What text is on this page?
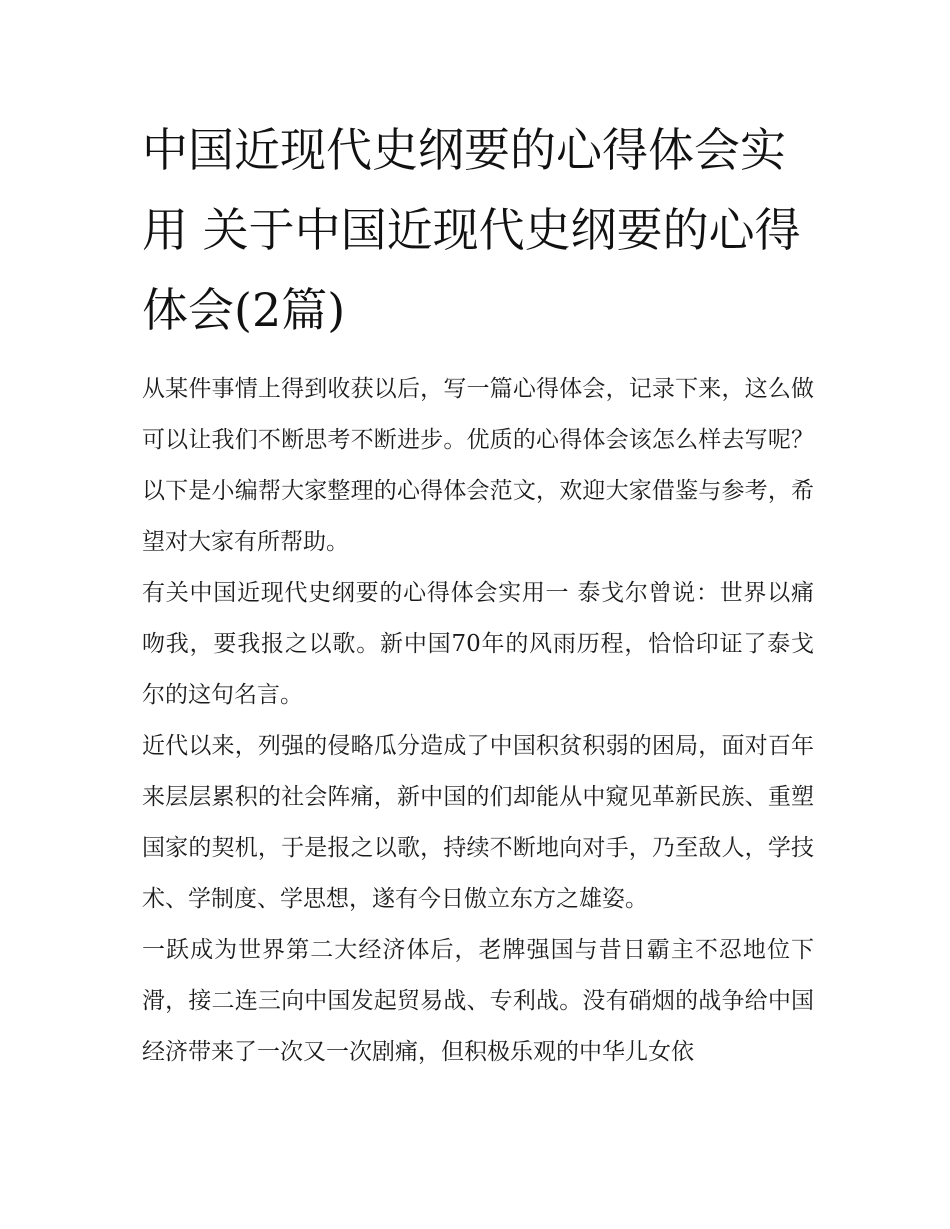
中国近现代史纲要的心得体会实用 关于中国近现代史纲要的心得体会(2篇)

从某件事情上得到收获以后，写一篇心得体会，记录下来，这么做可以让我们不断思考不断进步。优质的心得体会该怎么样去写呢？以下是小编帮大家整理的心得体会范文，欢迎大家借鉴与参考，希望对大家有所帮助。

有关中国近现代史纲要的心得体会实用一 泰戈尔曾说：世界以痛吻我，要我报之以歌。新中国70年的风雨历程，恰恰印证了泰戈尔的这句名言。

近代以来，列强的侵略瓜分造成了中国积贫积弱的困局，面对百年来层层累积的社会阵痛，新中国的们却能从中窥见革新民族、重塑国家的契机，于是报之以歌，持续不断地向对手，乃至敌人，学技术、学制度、学思想，遂有今日傲立东方之雄姿。

一跃成为世界第二大经济体后，老牌强国与昔日霸主不忍地位下滑，接二连三向中国发起贸易战、专利战。没有硝烟的战争给中国经济带来了一次又一次剧痛，但积极乐观的中华儿女依
